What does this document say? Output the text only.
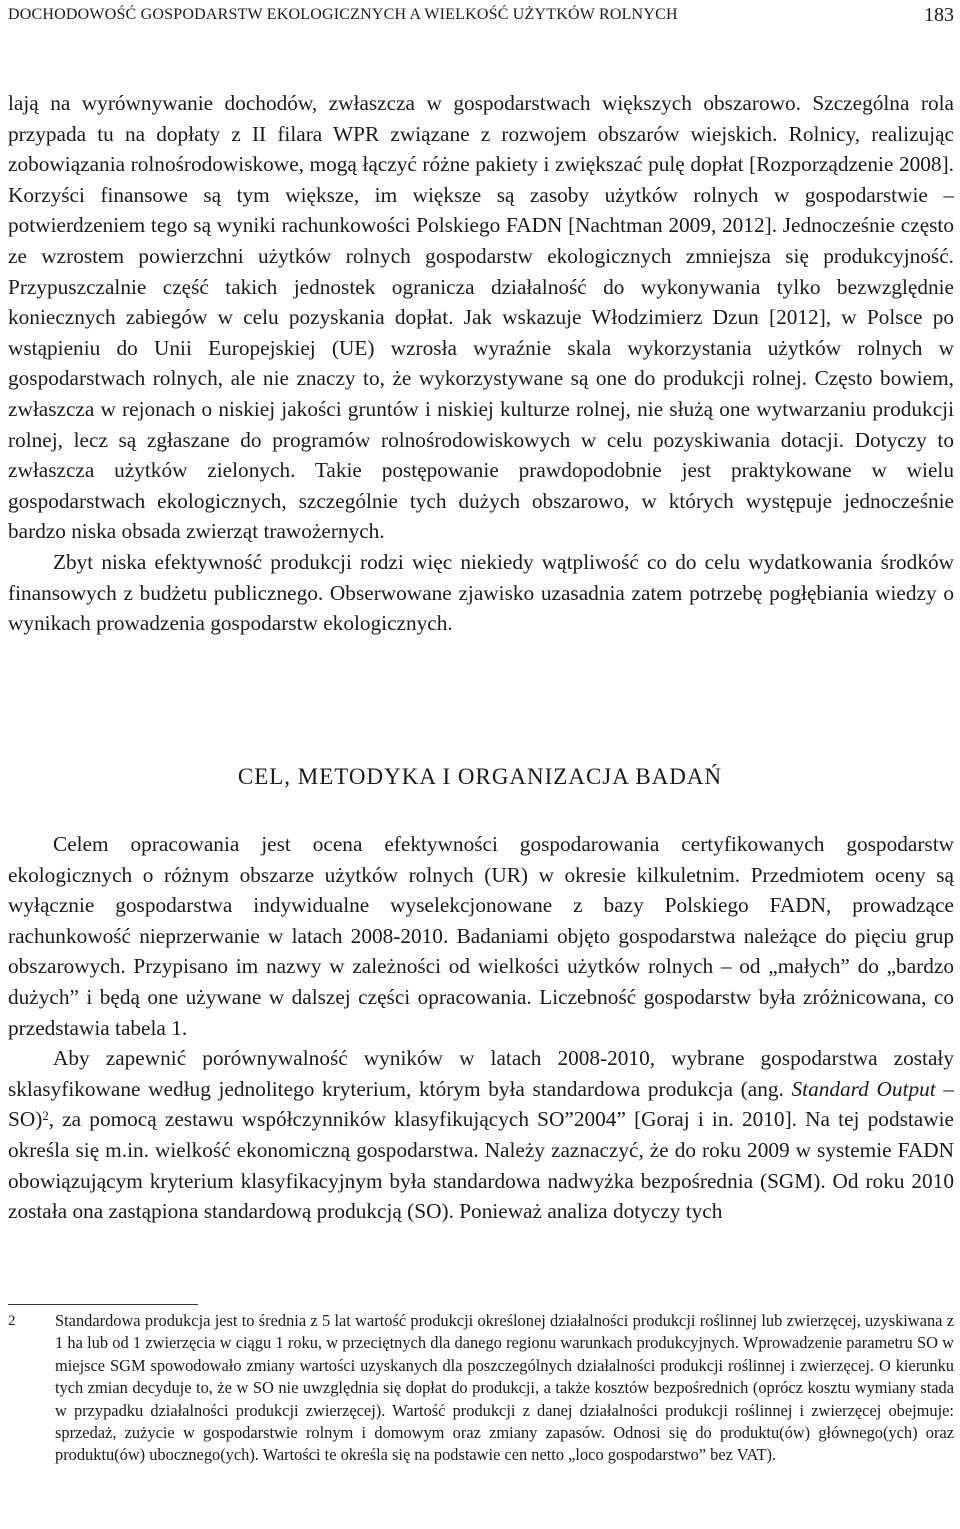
DOCHODOWOŚĆ GOSPODARSTW EKOLOGICZNYCH A WIELKOŚĆ UŻYTKÓW ROLNYCH	183

lają na wyrównywanie dochodów, zwłaszcza w gospodarstwach większych obszarowo. Szczególna rola przypada tu na dopłaty z II filara WPR związane z rozwojem obszarów wiejskich. Rolnicy, realizując zobowiązania rolnośrodowiskowe, mogą łączyć różne pakiety i zwiększać pulę dopłat [Rozporządzenie 2008]. Korzyści finansowe są tym większe, im większe są zasoby użytków rolnych w gospodarstwie – potwierdzeniem tego są wyniki rachunkowości Polskiego FADN [Nachtman 2009, 2012]. Jednocześnie często ze wzrostem powierzchni użytków rolnych gospodarstw ekologicznych zmniejsza się produkcyjność. Przypuszczalnie część takich jednostek ogranicza działalność do wykonywania tylko bezwzględnie koniecznych zabiegów w celu pozyskania dopłat. Jak wskazuje Włodzimierz Dzun [2012], w Polsce po wstąpieniu do Unii Europejskiej (UE) wzrosła wyraźnie skala wykorzystania użytków rolnych w gospodarstwach rolnych, ale nie znaczy to, że wykorzystywane są one do produkcji rolnej. Często bowiem, zwłaszcza w rejonach o niskiej jakości gruntów i niskiej kulturze rolnej, nie służą one wytwarzaniu produkcji rolnej, lecz są zgłaszane do programów rolnośrodowiskowych w celu pozyskiwania dotacji. Dotyczy to zwłaszcza użytków zielonych. Takie postępowanie prawdopodobnie jest praktykowane w wielu gospodarstwach ekologicznych, szczególnie tych dużych obszarowo, w których występuje jednocześnie bardzo niska obsada zwierząt trawożernych.

Zbyt niska efektywność produkcji rodzi więc niekiedy wątpliwość co do celu wydatkowania środków finansowych z budżetu publicznego. Obserwowane zjawisko uzasadnia zatem potrzebę pogłębiania wiedzy o wynikach prowadzenia gospodarstw ekologicznych.

CEL, METODYKA I ORGANIZACJA BADAŃ

Celem opracowania jest ocena efektywności gospodarowania certyfikowanych gospodarstw ekologicznych o różnym obszarze użytków rolnych (UR) w okresie kilkuletnim. Przedmiotem oceny są wyłącznie gospodarstwa indywidualne wyselekcjonowane z bazy Polskiego FADN, prowadzące rachunkowość nieprzerwanie w latach 2008-2010. Badaniami objęto gospodarstwa należące do pięciu grup obszarowych. Przypisano im nazwy w zależności od wielkości użytków rolnych – od „małych” do „bardzo dużych” i będą one używane w dalszej części opracowania. Liczebność gospodarstw była zróżnicowana, co przedstawia tabela 1.

Aby zapewnić porównywalność wyników w latach 2008-2010, wybrane gospodarstwa zostały sklasyfikowane według jednolitego kryterium, którym była standardowa produkcja (ang. Standard Output – SO)$^2$, za pomocą zestawu współczynników klasyfikujących SO”2004” [Goraj i in. 2010]. Na tej podstawie określa się m.in. wielkość ekonomiczną gospodarstwa. Należy zaznaczyć, że do roku 2009 w systemie FADN obowiązującym kryterium klasyfikacyjnym była standardowa nadwyżka bezpośrednia (SGM). Od roku 2010 została ona zastąpiona standardową produkcją (SO). Ponieważ analiza dotyczy tych

2	Standardowa produkcja jest to średnia z 5 lat wartość produkcji określonej działalności produkcji roślinnej lub zwierzęcej, uzyskiwana z 1 ha lub od 1 zwierzęcia w ciągu 1 roku, w przeciętnych dla danego regionu warunkach produkcyjnych. Wprowadzenie parametru SO w miejsce SGM spowodowało zmiany wartości uzyskanych dla poszczególnych działalności produkcji roślinnej i zwierzęcej. O kierunku tych zmian decyduje to, że w SO nie uwzględnia się dopłat do produkcji, a także kosztów bezpośrednich (oprócz kosztu wymiany stada w przypadku działalności produkcji zwierzęcej). Wartość produkcji z danej działalności produkcji roślinnej i zwierzęcej obejmuje: sprzedaż, zużycie w gospodarstwie rolnym i domowym oraz zmiany zapasów. Odnosi się do produktu(ów) głównego(ych) oraz produktu(ów) ubocznego(ych). Wartości te określa się na podstawie cen netto „loco gospodarstwo” bez VAT).
